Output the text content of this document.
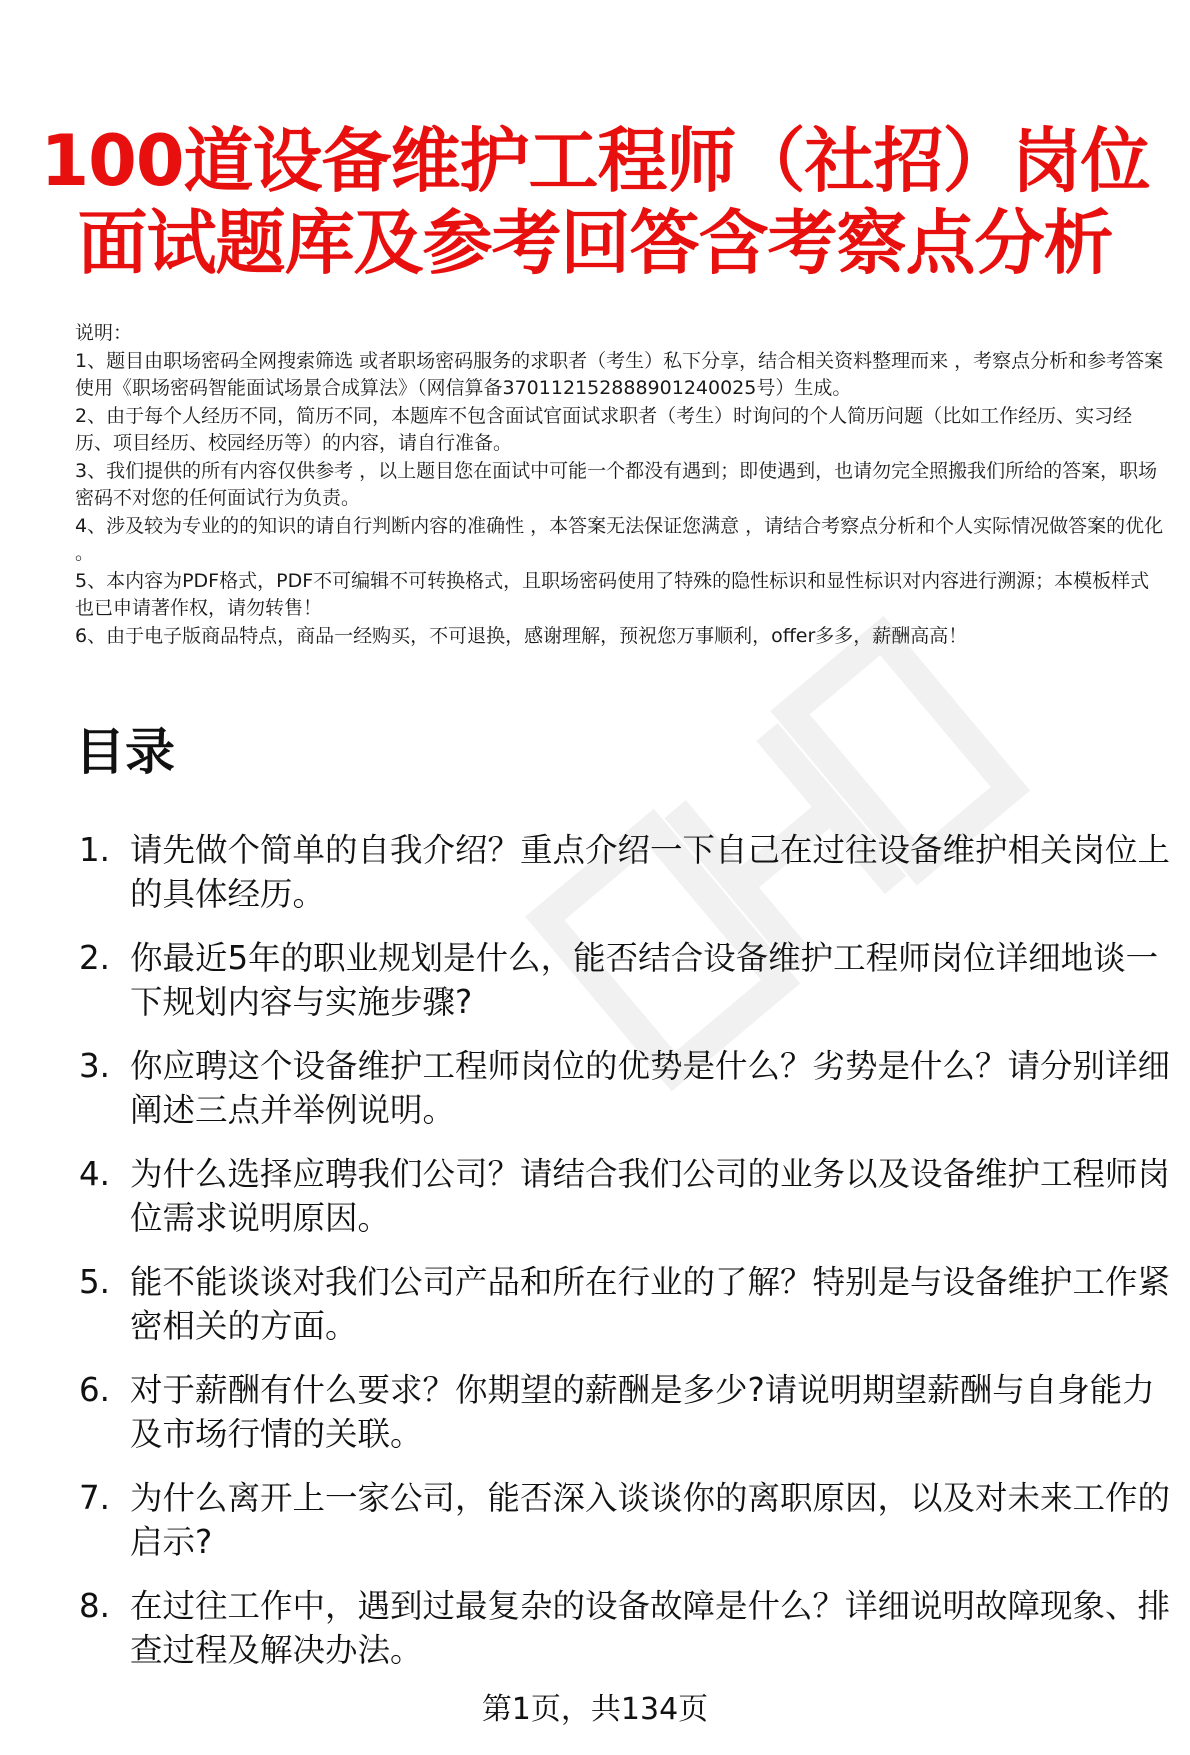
100道设备维护工程师（社招）岗位
面试题库及参考回答含考察点分析

说明：

1、题目由职场密码全网搜索筛选 或者职场密码服务的求职者（考生）私下分享，结合相关资料整理而来 ，考察点分析和参考答案使用《职场密码智能面试场景合成算法》（网信算备370112152888901240025号）生成。

2、由于每个人经历不同，简历不同，本题库不包含面试官面试求职者（考生）时询问的个人简历问题（比如工作经历、实习经历、项目经历、校园经历等）的内容，请自行准备。

3、我们提供的所有内容仅供参考 ，以上题目您在面试中可能一个都没有遇到；即使遇到，也请勿完全照搬我们所给的答案，职场密码不对您的任何面试行为负责。

4、涉及较为专业的的知识的请自行判断内容的准确性 ，本答案无法保证您满意 ，请结合考察点分析和个人实际情况做答案的优化 。

5、本内容为PDF格式，PDF不可编辑不可转换格式，且职场密码使用了特殊的隐性标识和显性标识对内容进行溯源；本模板样式也已申请著作权，请勿转售！

6、由于电子版商品特点，商品一经购买，不可退换，感谢理解，预祝您万事顺利，offer多多，薪酬高高！

目录
1. 请先做个简单的自我介绍？重点介绍一下自己在过往设备维护相关岗位上的具体经历。
2. 你最近5年的职业规划是什么，能否结合设备维护工程师岗位详细地谈一下规划内容与实施步骤?
3. 你应聘这个设备维护工程师岗位的优势是什么？劣势是什么？请分别详细阐述三点并举例说明。
4. 为什么选择应聘我们公司？请结合我们公司的业务以及设备维护工程师岗位需求说明原因。
5. 能不能谈谈对我们公司产品和所在行业的了解？特别是与设备维护工作紧密相关的方面。
6. 对于薪酬有什么要求？你期望的薪酬是多少?请说明期望薪酬与自身能力及市场行情的关联。
7. 为什么离开上一家公司，能否深入谈谈你的离职原因，以及对未来工作的启示?
8. 在过往工作中，遇到过最复杂的设备故障是什么？详细说明故障现象、排查过程及解决办法。
第1页，共134页
